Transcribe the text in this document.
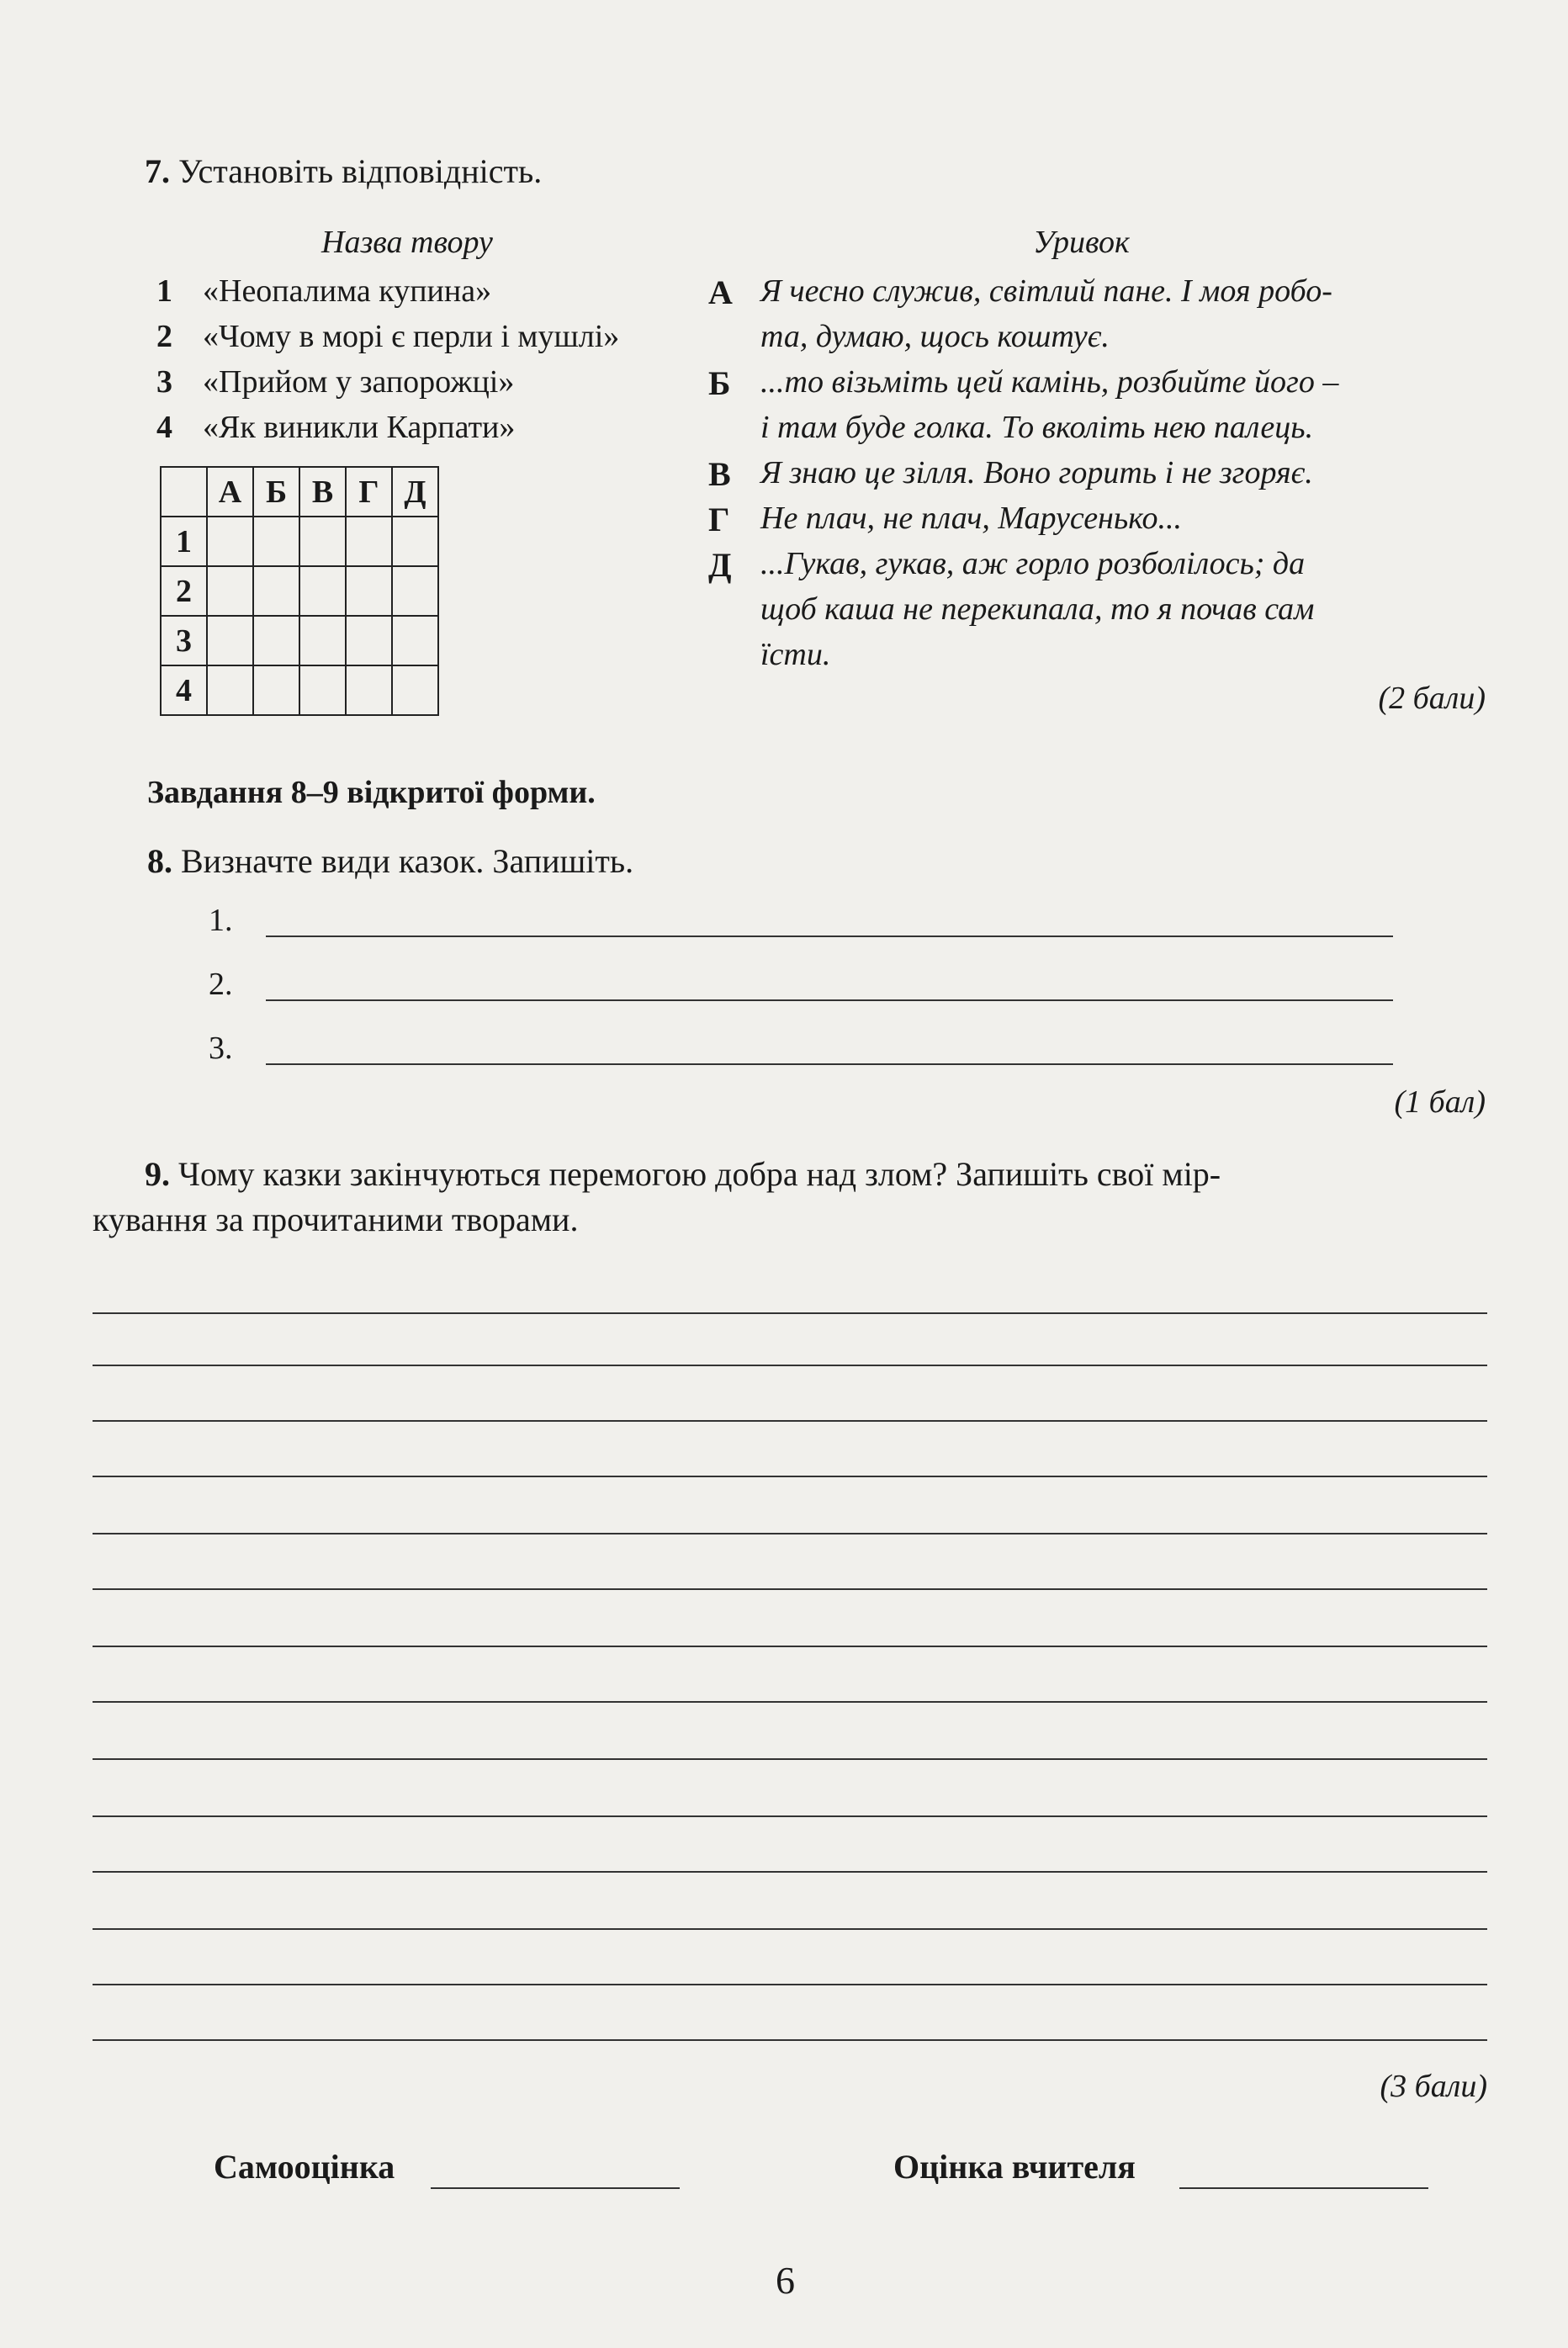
7. Установіть відповідність.
Назва твору	Уривок
1 «Неопалима купина»
2 «Чому в морі є перли і мушлі»
3 «Прийом у запорожці»
4 «Як виникли Карпати»
А Я чесно служив, світлий пане. І моя робо-
та, думаю, щось коштує.
Б ...то візьміть цей камінь, розбийте його –
і там буде голка. То вколіть нею палець.
В Я знаю це зілля. Воно горить і не згоряє.
Г Не плач, не плач, Марусенько...
Д ...Гукав, гукав, аж горло розболілось; да
щоб каша не перекипала, то я почав сам
їсти.
	А	Б	В	Г	Д
1					
2					
3					
4						(2 бали)
Завдання 8–9 відкритої форми.
8. Визначте види казок. Запишіть.
1.
2.
3.
(1 бал)
9. Чому казки закінчуються перемогою добра над злом? Запишіть свої мір-
кування за прочитаними творами.
(3 бали)
Самооцінка	Оцінка вчителя
6
